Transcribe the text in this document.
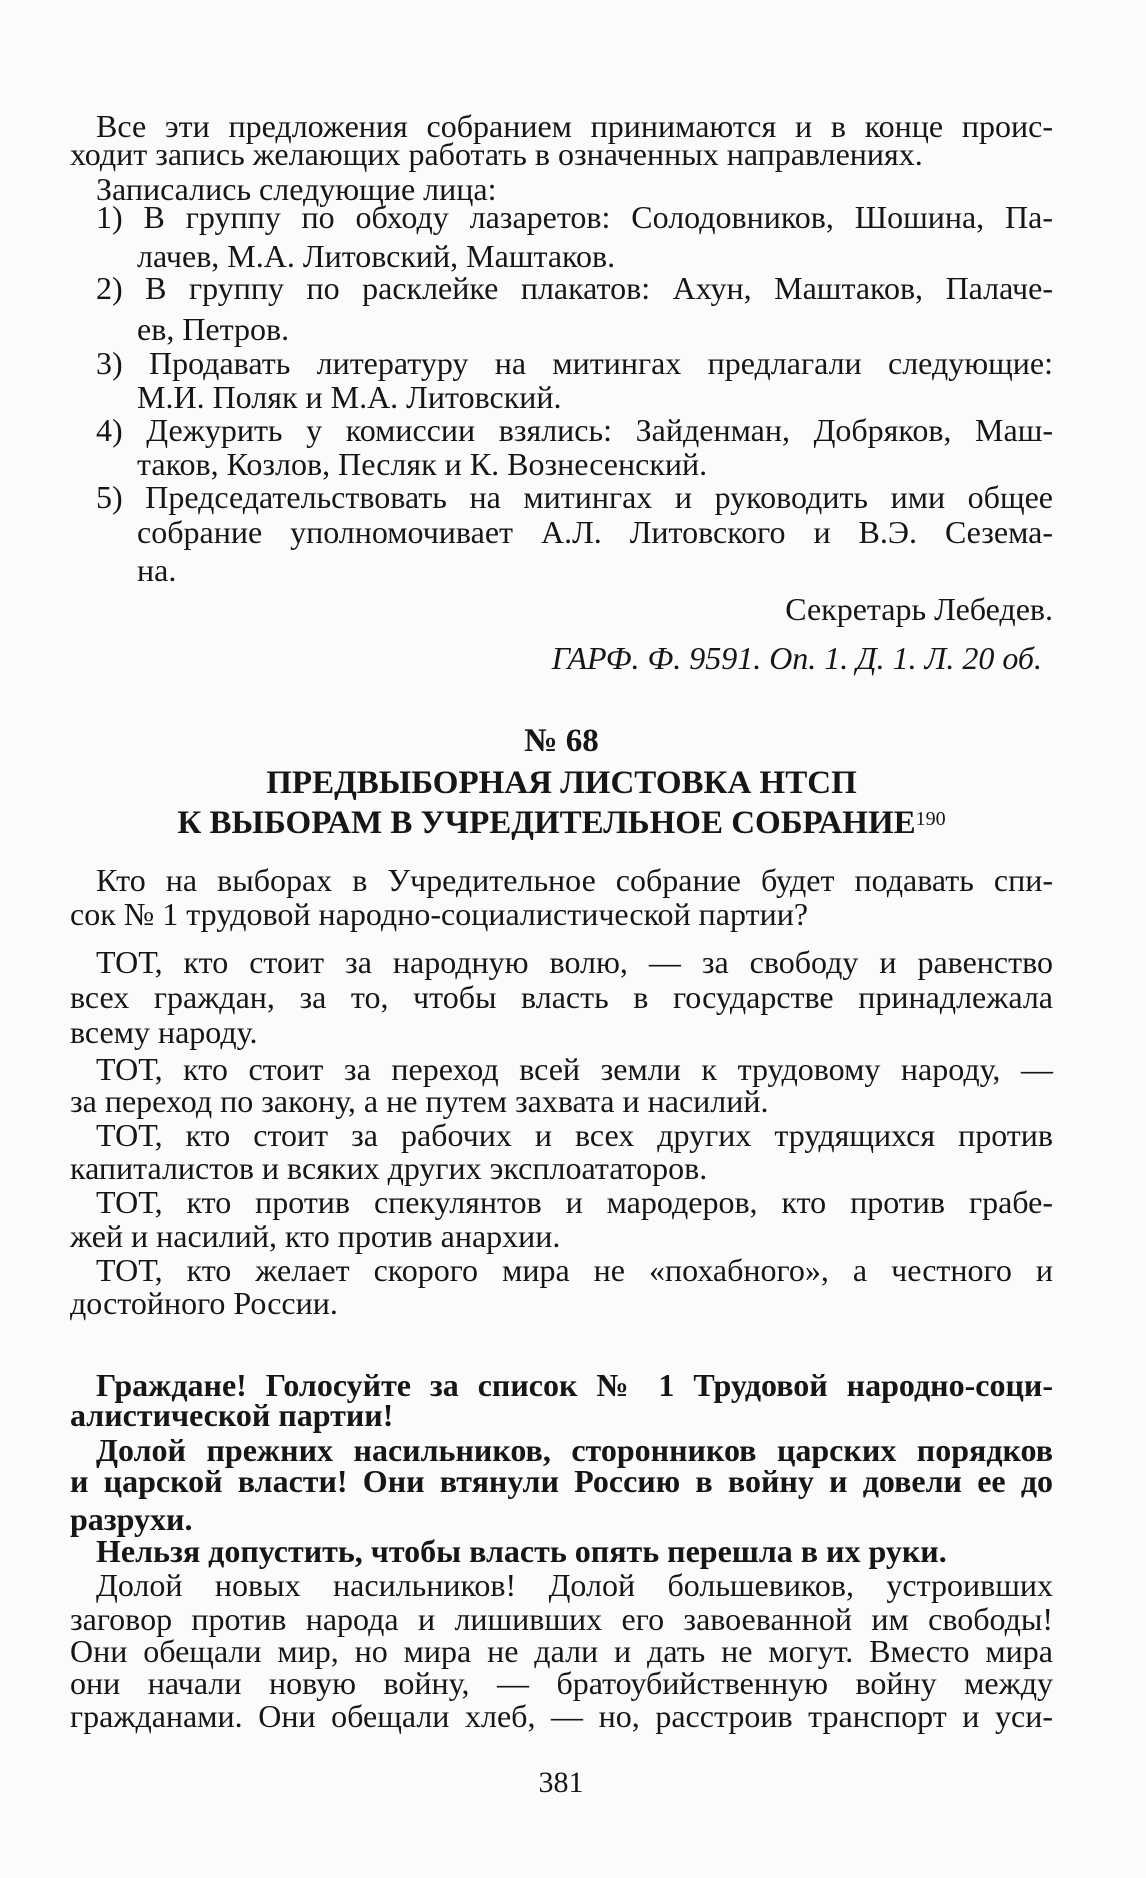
Все эти предложения собранием принимаются и в конце проис-
ходит запись желающих работать в означенных направлениях.
Записались следующие лица:
1) В группу по обходу лазаретов: Солодовников, Шошина, Па-
лачев, М.А. Литовский, Маштаков.
2) В группу по расклейке плакатов: Ахун, Маштаков, Палаче-
ев, Петров.
3) Продавать литературу на митингах предлагали следующие:
М.И. Поляк и М.А. Литовский.
4) Дежурить у комиссии взялись: Зайденман, Добряков, Маш-
таков, Козлов, Песляк и К. Вознесенский.
5) Председательствовать на митингах и руководить ими общее
собрание уполномочивает А.Л. Литовского и В.Э. Сезема-
на.
Секретарь Лебедев.
ГАРФ. Ф. 9591. Оп. 1. Д. 1. Л. 20 об.
№ 68
ПРЕДВЫБОРНАЯ ЛИСТОВКА НТСП
К ВЫБОРАМ В УЧРЕДИТЕЛЬНОЕ СОБРАНИЕ$^{190}$
Кто на выборах в Учредительное собрание будет подавать спи-
сок № 1 трудовой народно-социалистической партии?
ТОТ, кто стоит за народную волю, — за свободу и равенство
всех граждан, за то, чтобы власть в государстве принадлежала
всему народу.
ТОТ, кто стоит за переход всей земли к трудовому народу, —
за переход по закону, а не путем захвата и насилий.
ТОТ, кто стоит за рабочих и всех других трудящихся против
капиталистов и всяких других эксплоататоров.
ТОТ, кто против спекулянтов и мародеров, кто против грабе-
жей и насилий, кто против анархии.
ТОТ, кто желает скорого мира не «похабного», а честного и
достойного России.
Граждане! Голосуйте за список № 1 Трудовой народно-соци-
алистической партии!
Долой прежних насильников, сторонников царских порядков
и царской власти! Они втянули Россию в войну и довели ее до
разрухи.
Нельзя допустить, чтобы власть опять перешла в их руки.
Долой новых насильников! Долой большевиков, устроивших
заговор против народа и лишивших его завоеванной им свободы!
Они обещали мир, но мира не дали и дать не могут. Вместо мира
они начали новую войну, — братоубийственную войну между
гражданами. Они обещали хлеб, — но, расстроив транспорт и уси-
381
